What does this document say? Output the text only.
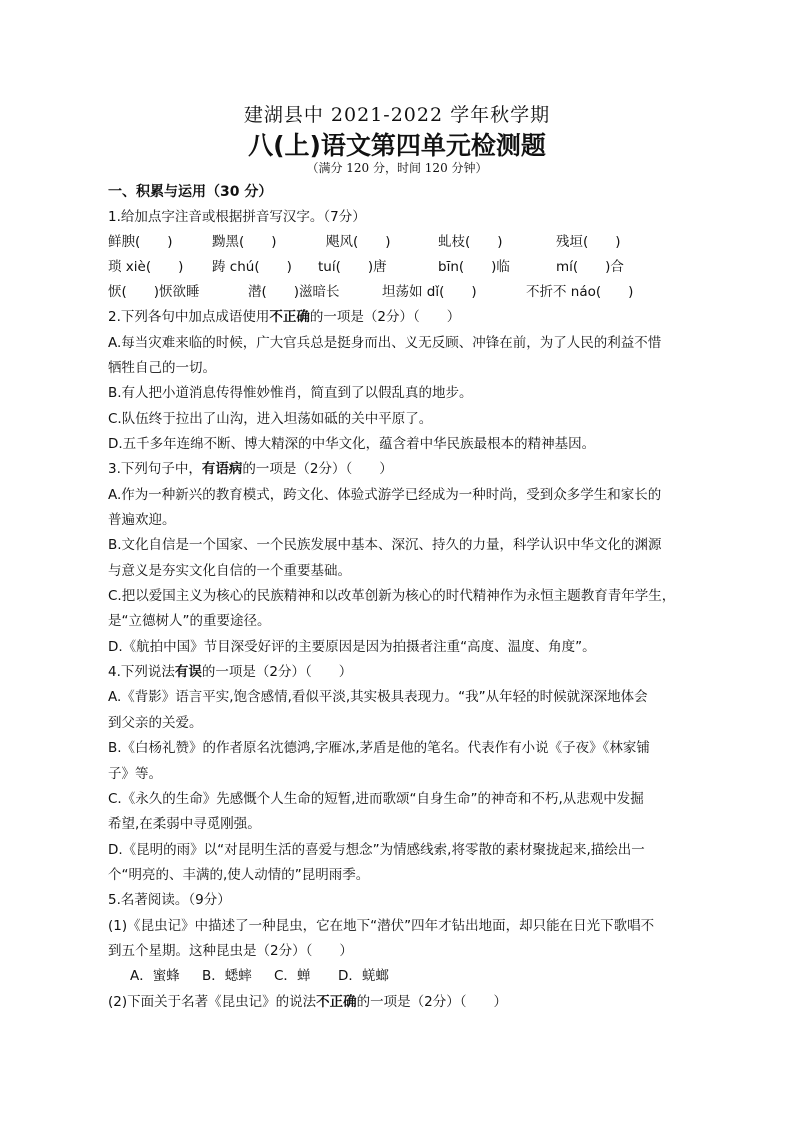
建湖县中 2021-2022 学年秋学期
八(上)语文第四单元检测题
（满分 120 分，时间 120 分钟）
一、积累与运用（30 分）
1.给加点字注音或根据拼音写汉字。（7分）
鲜腴(　　)	黝黑(　　)	飓风(　　)	虬枝(　　)	残垣(　　)
琐 xiè(　　) 踌 chú(　　) tuí(　　)唐	bīn(　　)临	mí(　　)合
恹(　　)恹欲睡	潜(　　)滋暗长	坦荡如 dǐ(　　)	不折不 náo(　　)
2.下列各句中加点成语使用不正确的一项是（2分）（　　）
A.每当灾难来临的时候，广大官兵总是挺身而出、义无反顾、冲锋在前，为了人民的利益不惜
牺牲自己的一切。
B.有人把小道消息传得惟妙惟肖，简直到了以假乱真的地步。
C.队伍终于拉出了山沟，进入坦荡如砥的关中平原了。
D.五千多年连绵不断、博大精深的中华文化，蕴含着中华民族最根本的精神基因。
3.下列句子中，有语病的一项是（2分）（　　）
A.作为一种新兴的教育模式，跨文化、体验式游学已经成为一种时尚，受到众多学生和家长的
普遍欢迎。
B.文化自信是一个国家、一个民族发展中基本、深沉、持久的力量，科学认识中华文化的渊源
与意义是夯实文化自信的一个重要基础。
C.把以爱国主义为核心的民族精神和以改革创新为核心的时代精神作为永恒主题教育青年学生，
是“立德树人”的重要途径。
D.《航拍中国》节目深受好评的主要原因是因为拍摄者注重“高度、温度、角度”。
4.下列说法有误的一项是（2分）（　　）
A.《背影》语言平实,饱含感情,看似平淡,其实极具表现力。“我”从年轻的时候就深深地体会
到父亲的关爱。
B.《白杨礼赞》的作者原名沈德鸿,字雁冰,茅盾是他的笔名。代表作有小说《子夜》《林家铺
子》等。
C.《永久的生命》先感慨个人生命的短暂,进而歌颂“自身生命”的神奇和不朽,从悲观中发掘
希望,在柔弱中寻觅刚强。
D.《昆明的雨》以“对昆明生活的喜爱与想念”为情感线索,将零散的素材聚拢起来,描绘出一
个“明亮的、丰满的,使人动情的”昆明雨季。
5.名著阅读。（9分）
(1)《昆虫记》中描述了一种昆虫，它在地下“潜伏”四年才钻出地面，却只能在日光下歌唱不
到五个星期。这种昆虫是（2分）（　　）
A．蜜蜂 B．蟋蟀 C．蝉 D．蜣螂
(2)下面关于名著《昆虫记》的说法不正确的一项是（2分）（　　）
